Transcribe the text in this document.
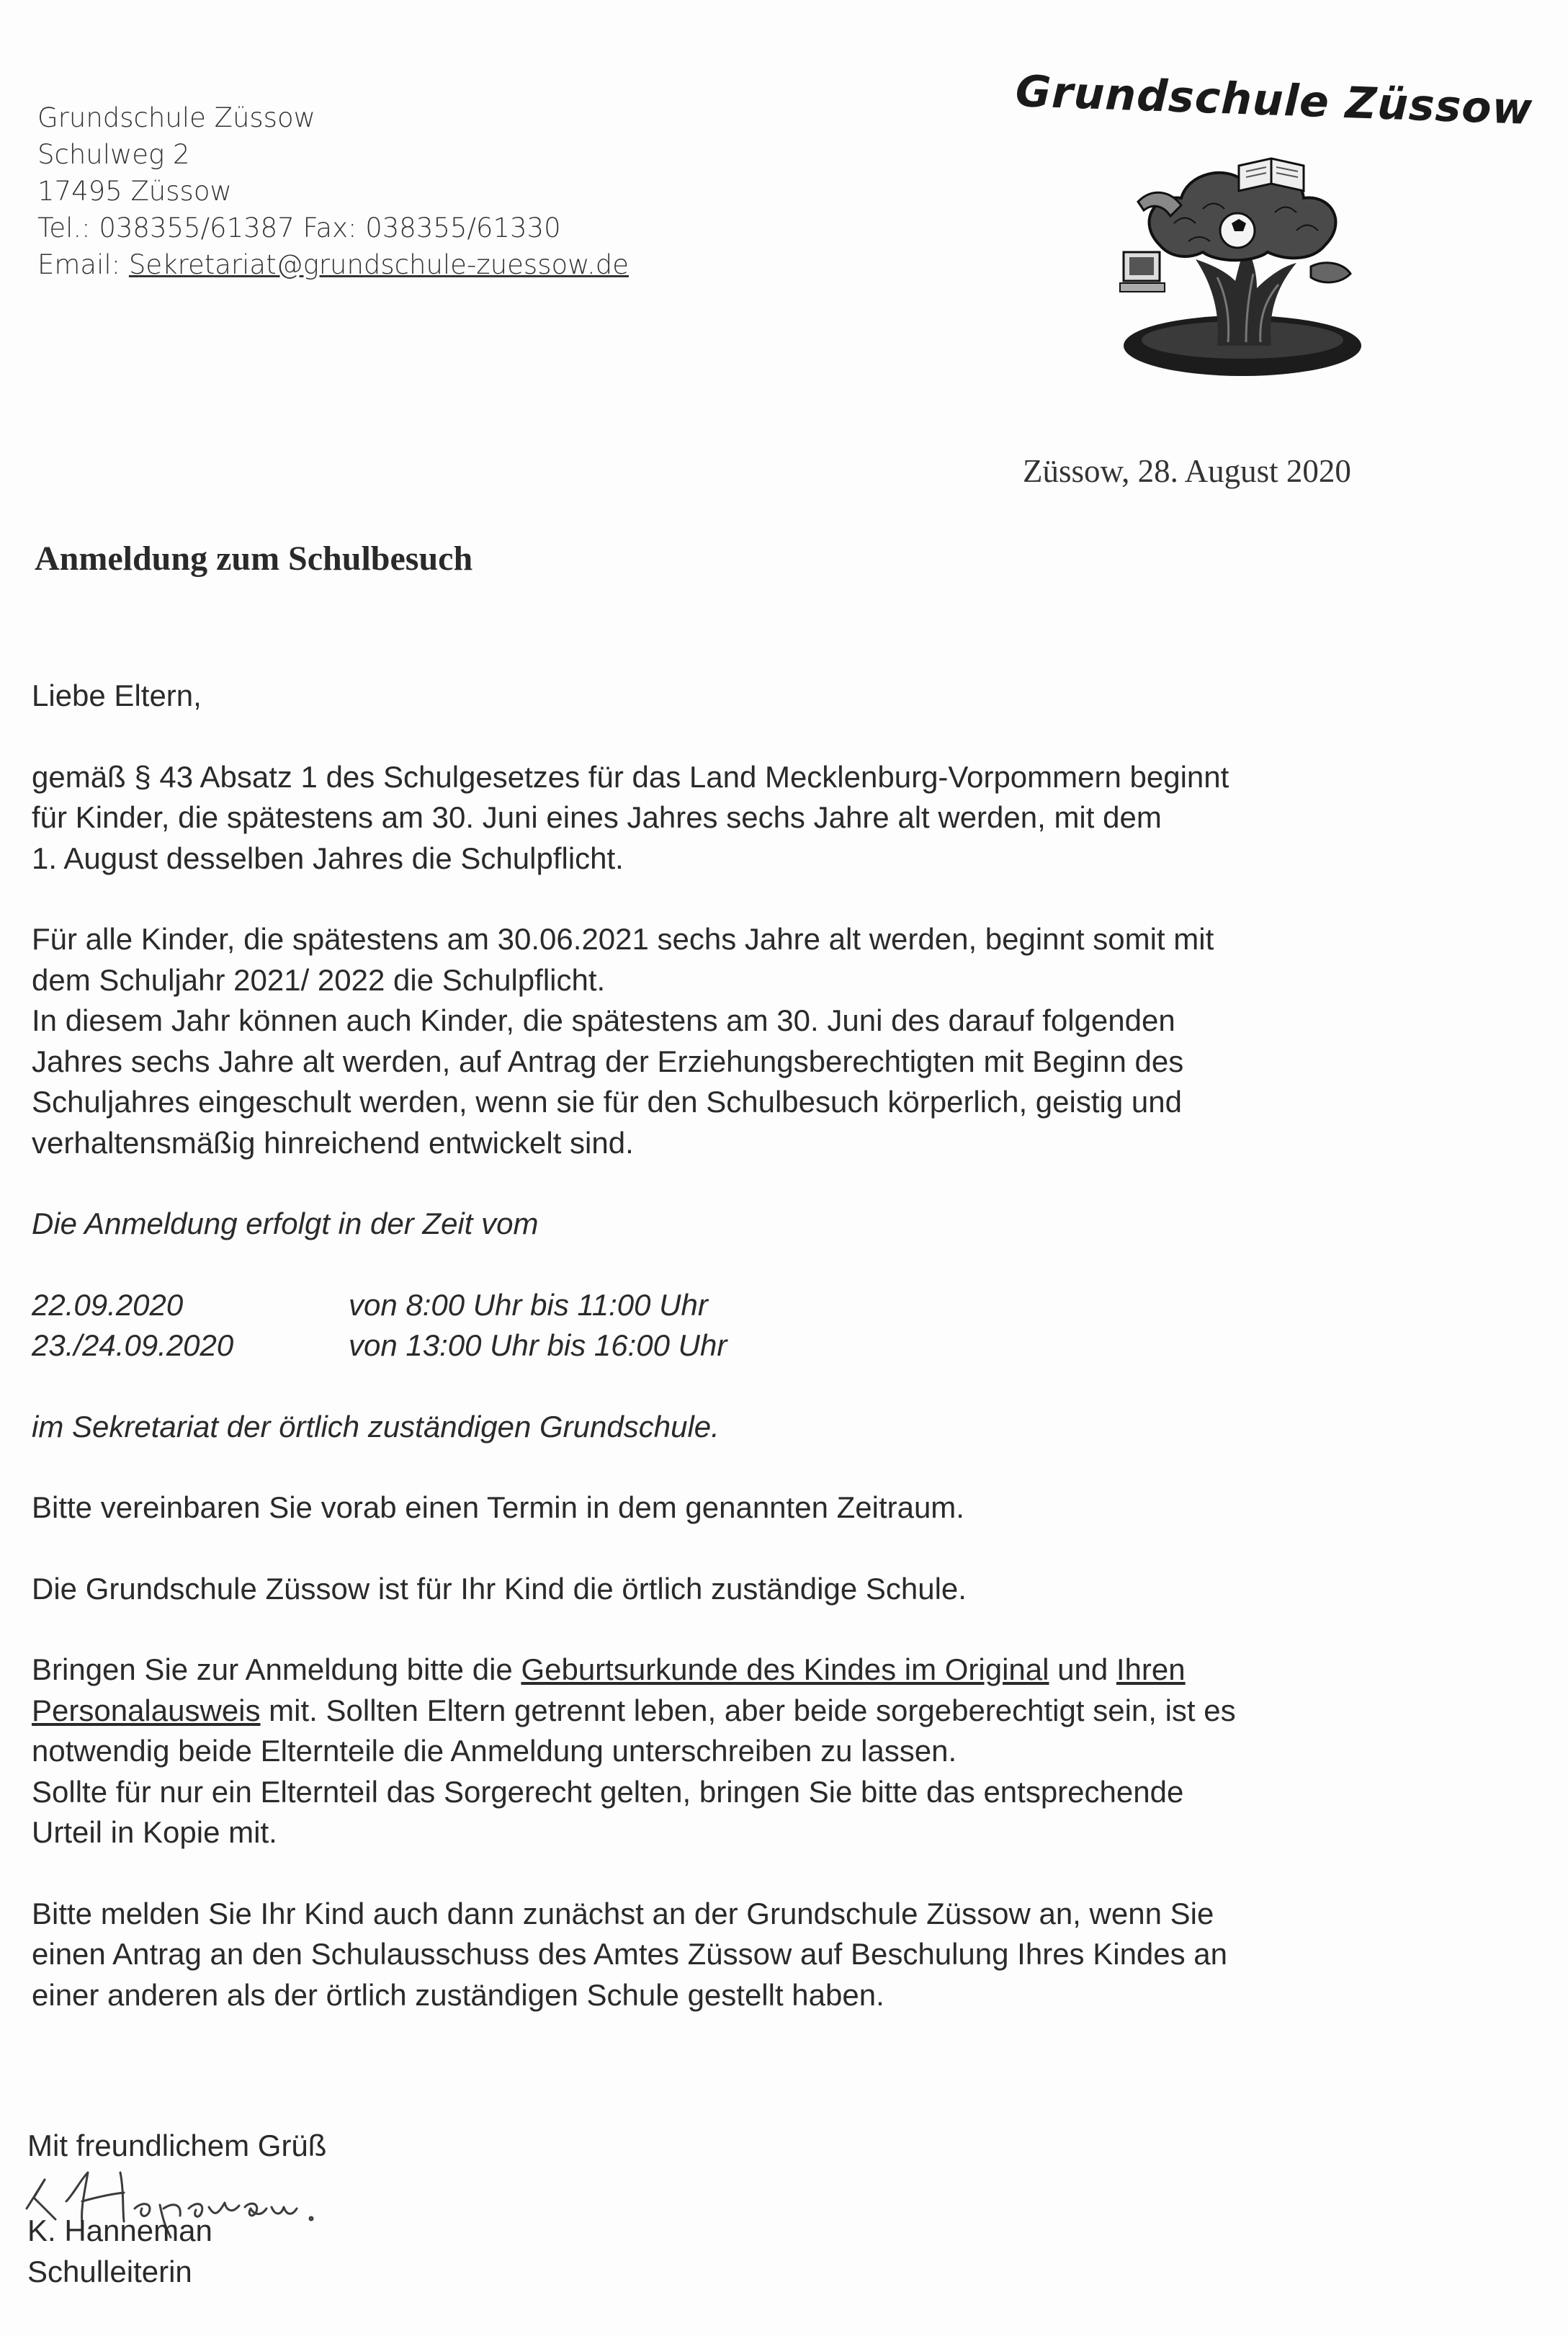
Grundschule Züssow
Schulweg 2
17495 Züssow
Tel.: 038355/61387 Fax: 038355/61330
Email: Sekretariat@grundschule-zuessow.de
Grundschule Züssow
Züssow, 28. August 2020
Anmeldung zum Schulbesuch

Liebe Eltern,

gemäß § 43 Absatz 1 des Schulgesetzes für das Land Mecklenburg-Vorpommern beginnt
für Kinder, die spätestens am 30. Juni eines Jahres sechs Jahre alt werden, mit dem
1. August desselben Jahres die Schulpflicht.
Für alle Kinder, die spätestens am 30.06.2021 sechs Jahre alt werden, beginnt somit mit
dem Schuljahr 2021/ 2022 die Schulpflicht.
In diesem Jahr können auch Kinder, die spätestens am 30. Juni des darauf folgenden
Jahres sechs Jahre alt werden, auf Antrag der Erziehungsberechtigten mit Beginn des
Schuljahres eingeschult werden, wenn sie für den Schulbesuch körperlich, geistig und
verhaltensmäßig hinreichend entwickelt sind.
Die Anmeldung erfolgt in der Zeit vom
22.09.2020	von 8:00 Uhr bis 11:00 Uhr
23./24.09.2020	von 13:00 Uhr bis 16:00 Uhr
im Sekretariat der örtlich zuständigen Grundschule.
Bitte vereinbaren Sie vorab einen Termin in dem genannten Zeitraum.
Die Grundschule Züssow ist für Ihr Kind die örtlich zuständige Schule.
Bringen Sie zur Anmeldung bitte die Geburtsurkunde des Kindes im Original und Ihren
Personalausweis mit. Sollten Eltern getrennt leben, aber beide sorgeberechtigt sein, ist es
notwendig beide Elternteile die Anmeldung unterschreiben zu lassen.
Sollte für nur ein Elternteil das Sorgerecht gelten, bringen Sie bitte das entsprechende
Urteil in Kopie mit.
Bitte melden Sie Ihr Kind auch dann zunächst an der Grundschule Züssow an, wenn Sie
einen Antrag an den Schulausschuss des Amtes Züssow auf Beschulung Ihres Kindes an
einer anderen als der örtlich zuständigen Schule gestellt haben.
Mit freundlichem Grüß
K. Hanneman
Schulleiterin
